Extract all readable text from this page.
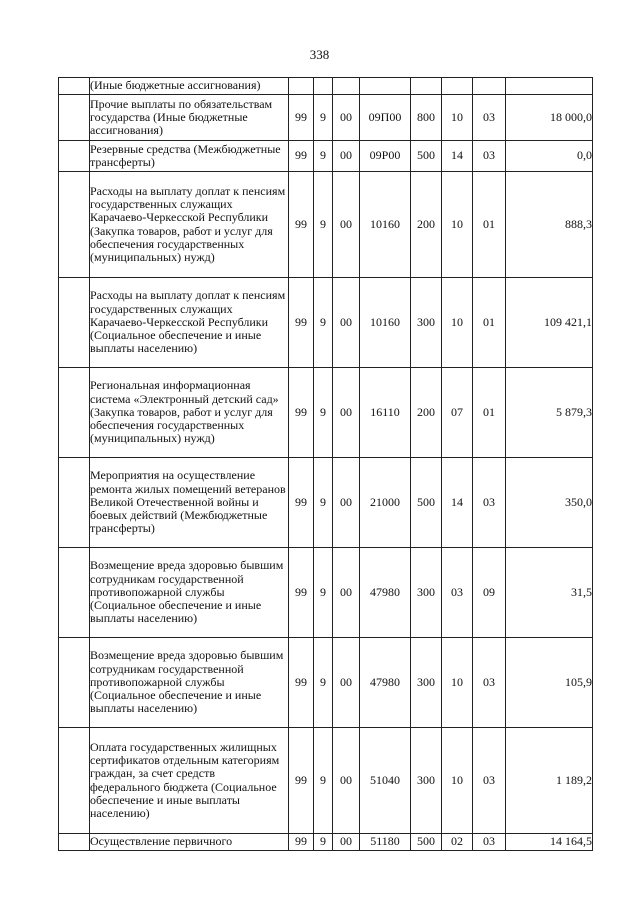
338
	(Иные бюджетные ассигнования)								
	Прочие выплаты по обязательствам государства (Иные бюджетные ассигнования)	99	9	00	09П00	800	10	03	18 000,0
	Резервные средства (Межбюджетные трансферты)	99	9	00	09Р00	500	14	03	0,0
	Расходы на выплату доплат к пенсиям государственных служащих Карачаево-Черкесской Республики (Закупка товаров, работ и услуг для обеспечения государственных (муниципальных) нужд)	99	9	00	10160	200	10	01	888,3
	Расходы на выплату доплат к пенсиям государственных служащих Карачаево-Черкесской Республики (Социальное обеспечение и иные выплаты населению)	99	9	00	10160	300	10	01	109 421,1
	Региональная информационная система «Электронный детский сад» (Закупка товаров, работ и услуг для обеспечения государственных (муниципальных) нужд)	99	9	00	16110	200	07	01	5 879,3
	Мероприятия на осуществление ремонта жилых помещений ветеранов Великой Отечественной войны и боевых действий (Межбюджетные трансферты)	99	9	00	21000	500	14	03	350,0
	Возмещение вреда здоровью бывшим сотрудникам государственной противопожарной службы (Социальное обеспечение и иные выплаты населению)	99	9	00	47980	300	03	09	31,5
	Возмещение вреда здоровью бывшим сотрудникам государственной противопожарной службы (Социальное обеспечение и иные выплаты населению)	99	9	00	47980	300	10	03	105,9
	Оплата государственных жилищных сертификатов отдельным категориям граждан, за счет средств федерального бюджета (Социальное обеспечение и иные выплаты населению)	99	9	00	51040	300	10	03	1 189,2
	Осуществление первичного	99	9	00	51180	500	02	03	14 164,5
